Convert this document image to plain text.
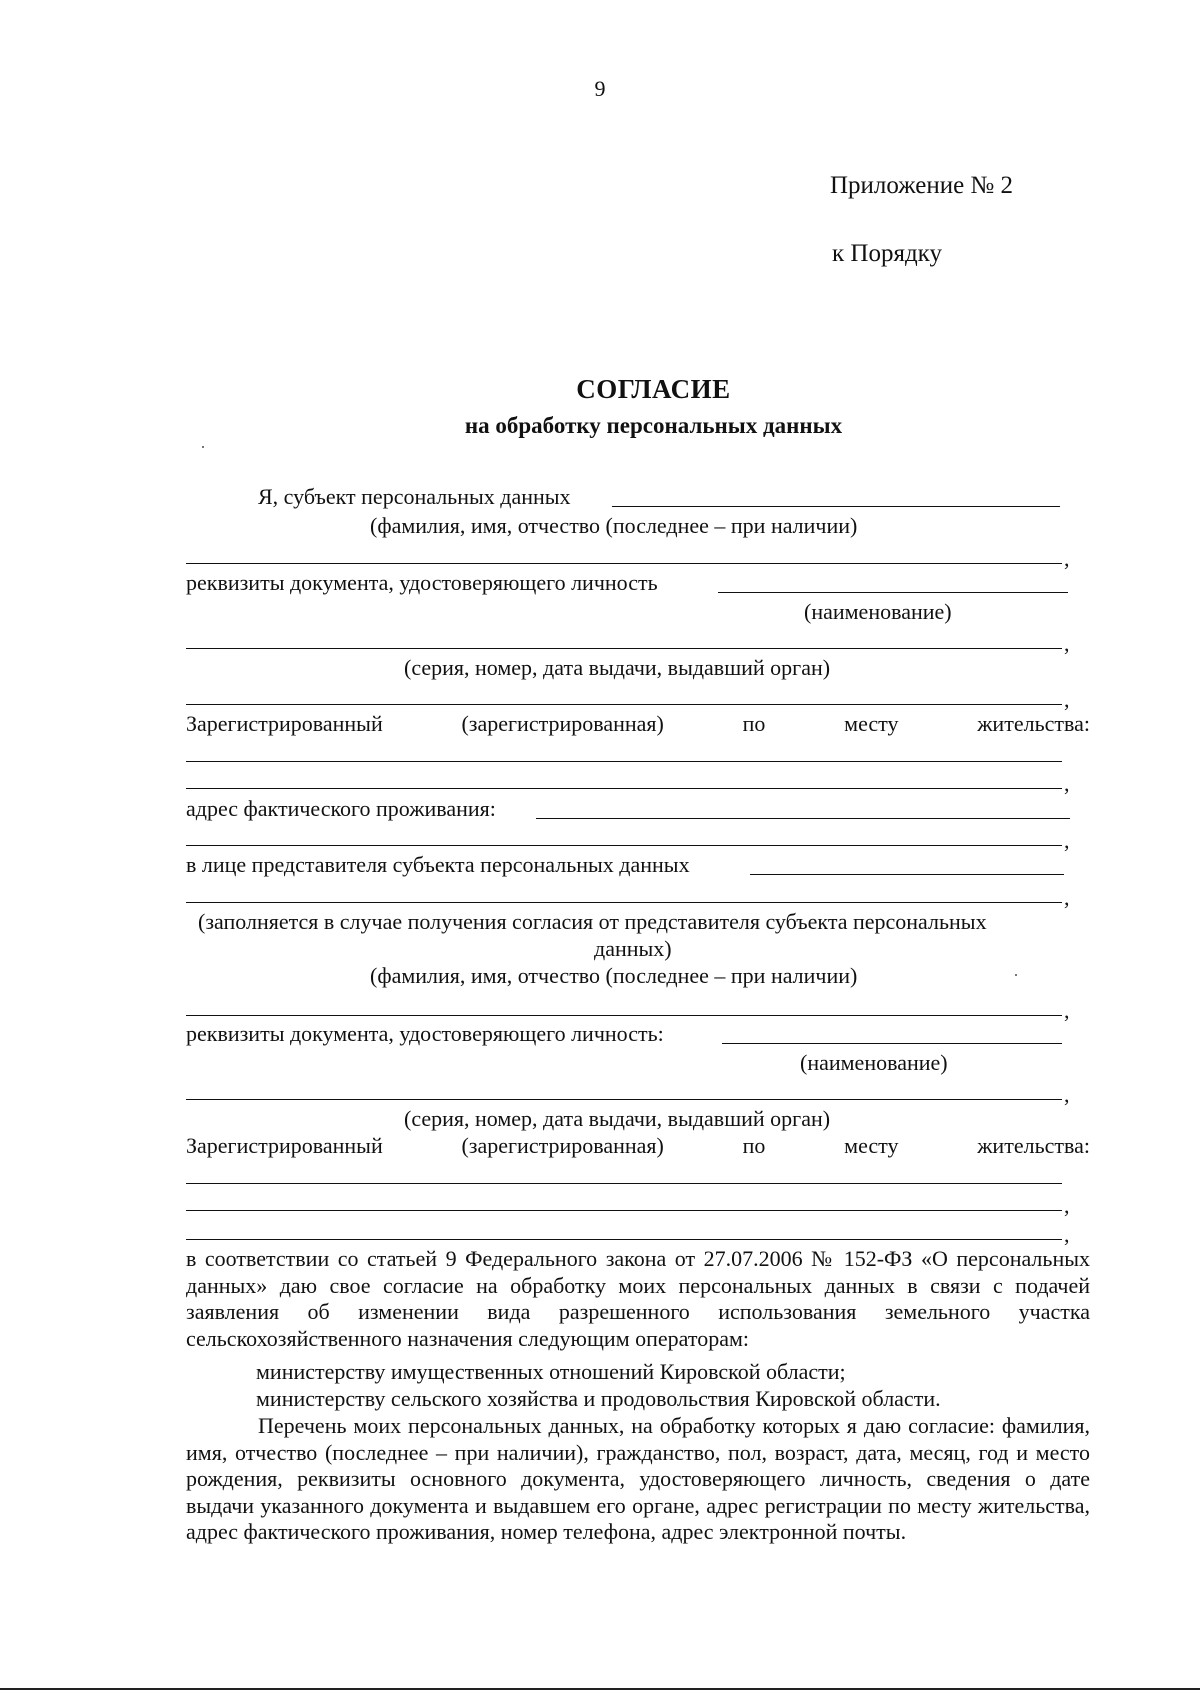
9
Приложение № 2
к Порядку
СОГЛАСИЕ
на обработку персональных данных
Я, субъект персональных данных
(фамилия, имя, отчество (последнее – при наличии)
,
реквизиты документа, удостоверяющего личность
(наименование)
,
(серия, номер, дата выдачи, выдавший орган)
,
Зарегистрированный	(зарегистрированная)	по	месту	жительства:
,
адрес фактического проживания:
,
в лице представителя субъекта персональных данных
,
(заполняется в случае получения согласия от представителя субъекта персональных
данных)
(фамилия, имя, отчество (последнее – при наличии)
,
реквизиты документа, удостоверяющего личность:
(наименование)
,
(серия, номер, дата выдачи, выдавший орган)
Зарегистрированный	(зарегистрированная)	по	месту	жительства:
,
,
в соответствии со статьей 9 Федерального закона от 27.07.2006 № 152-ФЗ «О персональных данных» даю свое согласие на обработку моих персональных данных в связи с подачей заявления об изменении вида разрешенного использования земельного участка сельскохозяйственного назначения следующим операторам:
министерству имущественных отношений Кировской области;
министерству сельского хозяйства и продовольствия Кировской области.
Перечень моих персональных данных, на обработку которых я даю согласие: фамилия, имя, отчество (последнее – при наличии), гражданство, пол, возраст, дата, месяц, год и место рождения, реквизиты основного документа, удостоверяющего личность, сведения о дате выдачи указанного документа и выдавшем его органе, адрес регистрации по месту жительства, адрес фактического проживания, номер телефона, адрес электронной почты.
